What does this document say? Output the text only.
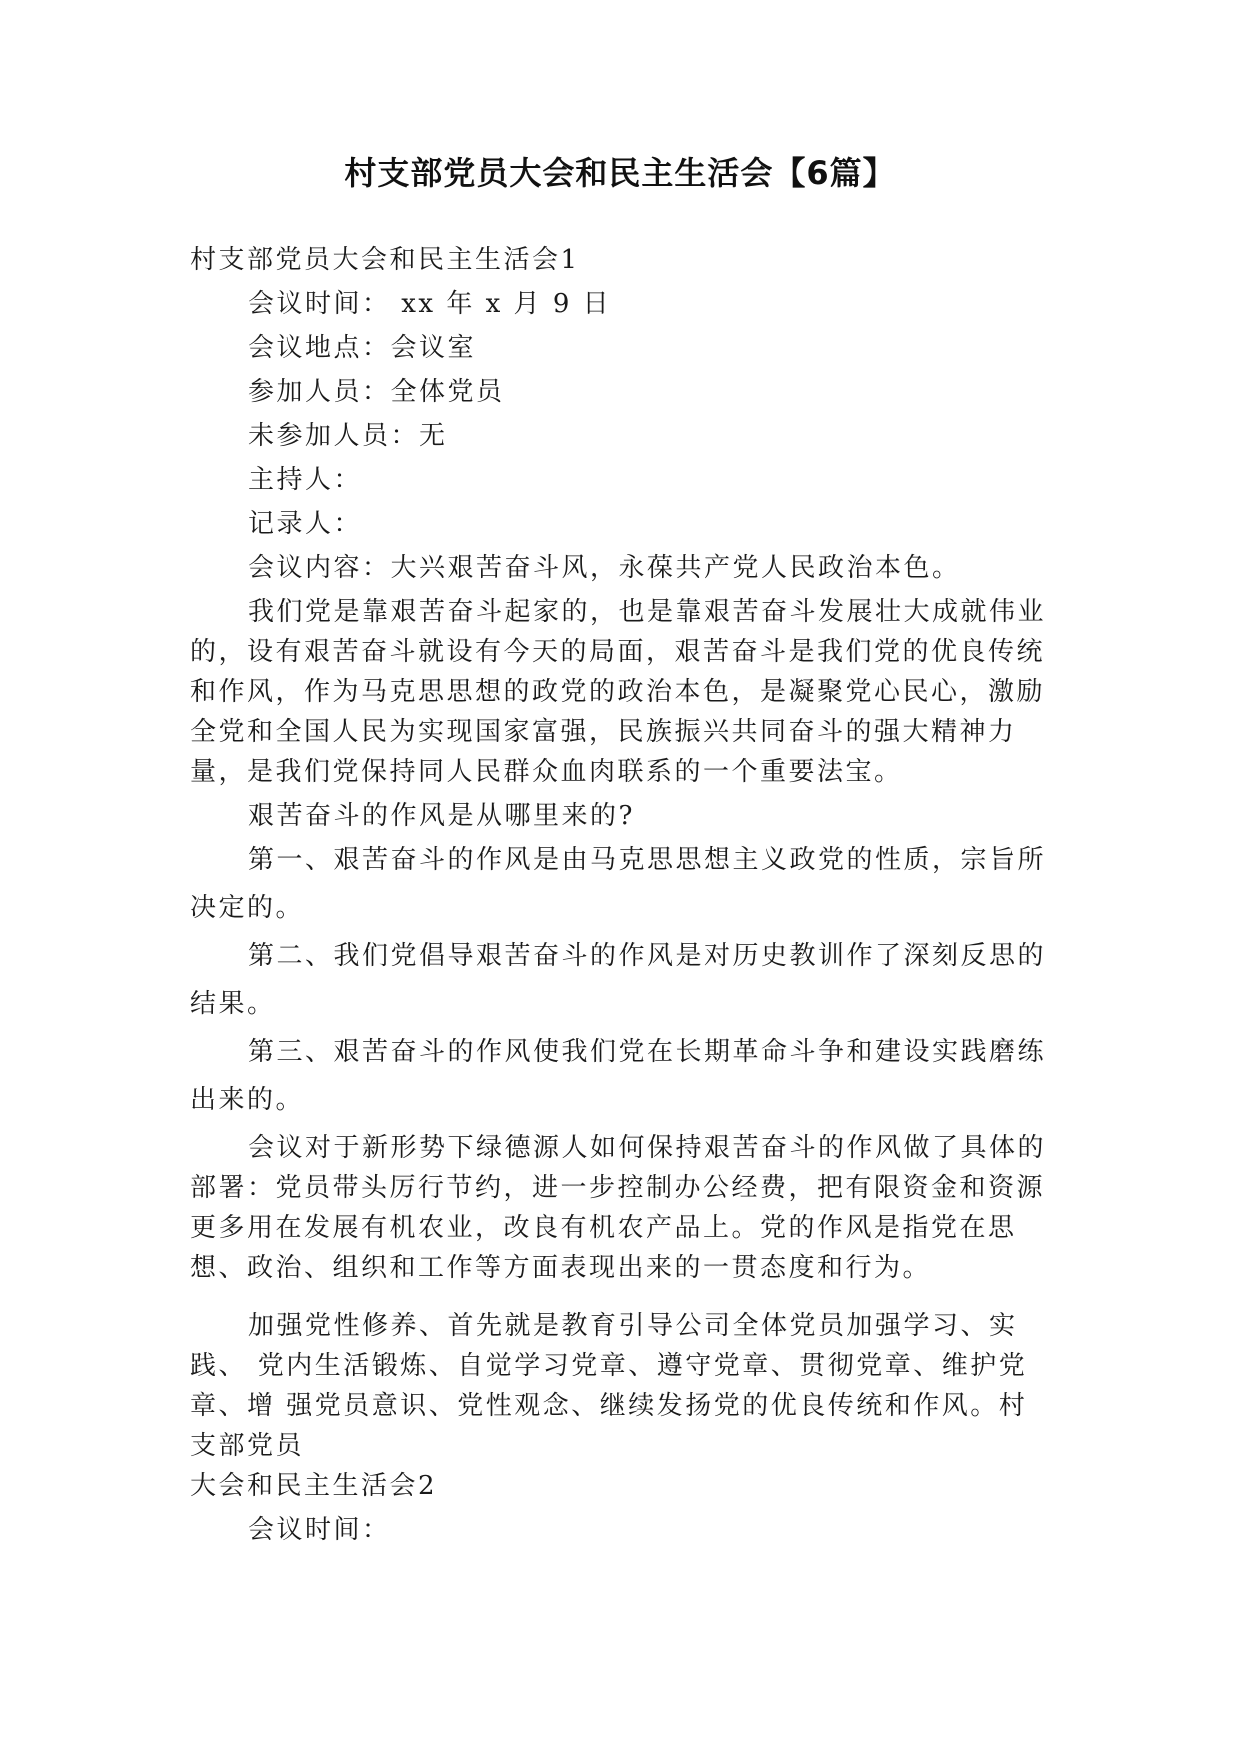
村支部党员大会和民主生活会【6篇】

村支部党员大会和民主生活会1

会议时间： xx 年 x 月 9 日

会议地点：会议室

参加人员：全体党员

未参加人员：无

主持人：

记录人：

会议内容：大兴艰苦奋斗风，永葆共产党人民政治本色。

我们党是靠艰苦奋斗起家的，也是靠艰苦奋斗发展壮大成就伟业的，设有艰苦奋斗就设有今天的局面，艰苦奋斗是我们党的优良传统和作风，作为马克思思想的政党的政治本色，是凝聚党心民心，激励全党和全国人民为实现国家富强，民族振兴共同奋斗的强大精神力量，是我们党保持同人民群众血肉联系的一个重要法宝。

艰苦奋斗的作风是从哪里来的?

第一、艰苦奋斗的作风是由马克思思想主义政党的性质，宗旨所决定的。

第二、我们党倡导艰苦奋斗的作风是对历史教训作了深刻反思的结果。

第三、艰苦奋斗的作风使我们党在长期革命斗争和建设实践磨练出来的。

会议对于新形势下绿德源人如何保持艰苦奋斗的作风做了具体的部署：党员带头厉行节约，进一步控制办公经费，把有限资金和资源更多用在发展有机农业，改良有机农产品上。党的作风是指党在思想、政治、组织和工作等方面表现出来的一贯态度和行为。

加强党性修养、首先就是教育引导公司全体党员加强学习、实

践、 党内生活锻炼、自觉学习党章、遵守党章、贯彻党章、维护党

章、增 强党员意识、党性观念、继续发扬党的优良传统和作风。村

支部党员

大会和民主生活会2

会议时间：
